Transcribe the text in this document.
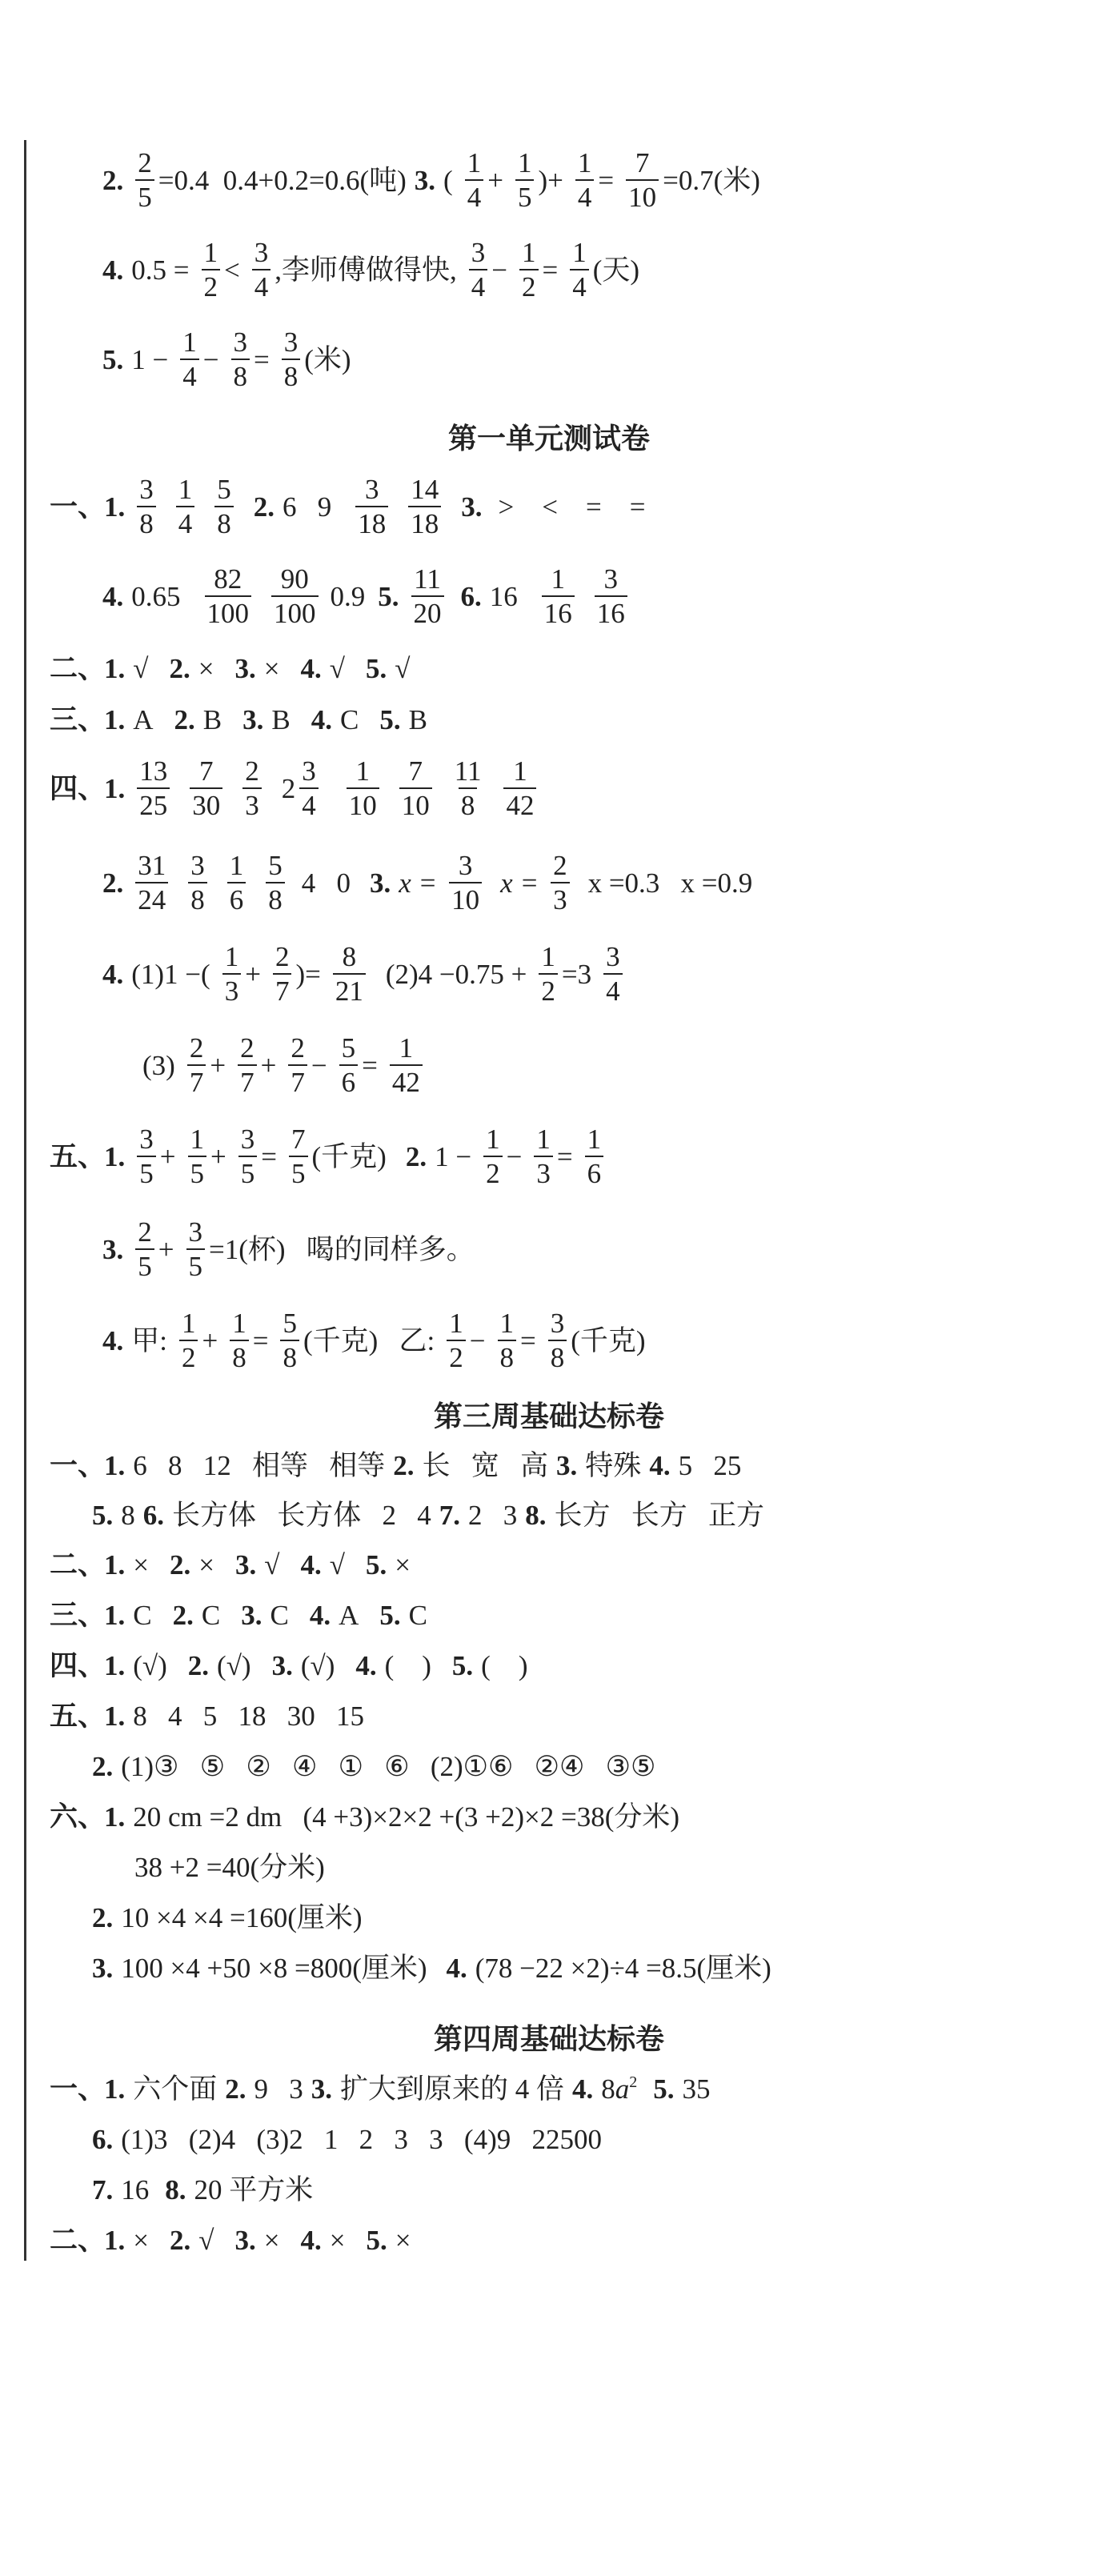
2. $\frac{2}{5} =0.4$  0.4+0.2=0.6(吨) 3. ( $\frac{1}{4} + \frac{1}{5}$ )+ $\frac{1}{4} = \frac{7}{10} =0.7$(米)
4. $0.5 = \frac{1}{2} < \frac{3}{4}$ ,李师傅做得快, $\frac{3}{4} - \frac{1}{2} = \frac{1}{4}$ (天)
5. $1 - \frac{1}{4} - \frac{3}{8} = \frac{3}{8}$ (米)
第一单元测试卷
一、
1. $\frac{3}{8} \frac{1}{4} \frac{5}{8} 2$. 6   $9 \frac{3}{18} \frac{14}{18} 3$. >    <    =    =
4. $0.65 \frac{82}{100} \frac{90}{100} 0.9$ 5. $\frac{11}{20} 6$. $16 \frac{1}{16} \frac{3}{16}$
二、
1. √ 2. × 3. × 4. √ 5. √
三、
1. A 2. B 3. B 4. C 5. B
四、
1. $\frac{13}{25} \frac{7}{30} \frac{2}{3} 2 \frac{3}{4} \frac{1}{10} \frac{7}{10} \frac{11}{8} \frac{1}{42}$
2. $\frac{31}{24} \frac{3}{8} \frac{1}{6} \frac{5}{8} 4$   0 3. $x = \frac{3}{10}$ $x = \frac{2}{3}$ x =0.3   x =0.9
4. (1)1 −( $\frac{1}{3} + \frac{2}{7}$ )= $\frac{8}{21} (2)4 -0.75 + \frac{1}{2} =3 \frac{3}{4}$
$(3) \frac{2}{7} + \frac{2}{7} + \frac{2}{7} - \frac{5}{6} = \frac{1}{42}$
五、
1. $\frac{3}{5} + \frac{1}{5} + \frac{3}{5} = \frac{7}{5}$ (千克) 2. $1 - \frac{1}{2} - \frac{1}{3} = \frac{1}{6}$
3. $\frac{2}{5} + \frac{3}{5} =1$(杯)   喝的同样多。
4. 甲: $\frac{1}{2} + \frac{1}{8} = \frac{5}{8}$ (千克)   乙: $\frac{1}{2} - \frac{1}{8} = \frac{3}{8}$ (千克)
第三周基础达标卷
一、
1. 6   8   12   相等   相等 2. 长   宽   高 3. 特殊 4. 5   25
5. 8 6. 长方体   长方体   2   4 7. 2   3 8. 长方   长方   正方
二、
1. × 2. × 3. √ 4. √ 5. ×
三、
1. C 2. C 3. C 4. A 5. C
四、
1. (√) 2. (√) 3. (√) 4. (    ) 5. (    )
五、
1. 8   4   5   18   30   15
2. (1)③   ⑤   ②   ④   ①   ⑥   (2)①⑥   ②④   ③⑤
六、
1. 20 cm =2 dm   (4 +3)×2×2 +(3 +2)×2 =38(分米)
38 +2 =40(分米)
2. 10 ×4 ×4 =160(厘米)
3. 100 ×4 +50 ×8 =800(厘米) 4. (78 −22 ×2)÷4 =8.5(厘米)
第四周基础达标卷
一、
1. 六个面 2. 9   3 3. 扩大到原来的 4 倍 4. $8a^2$ 5. 35
6. (1)3   (2)4   (3)2   1   2   3   3   (4)9   22500
7. 16 8. 20 平方米
二、
1. × 2. √ 3. × 4. × 5. ×
